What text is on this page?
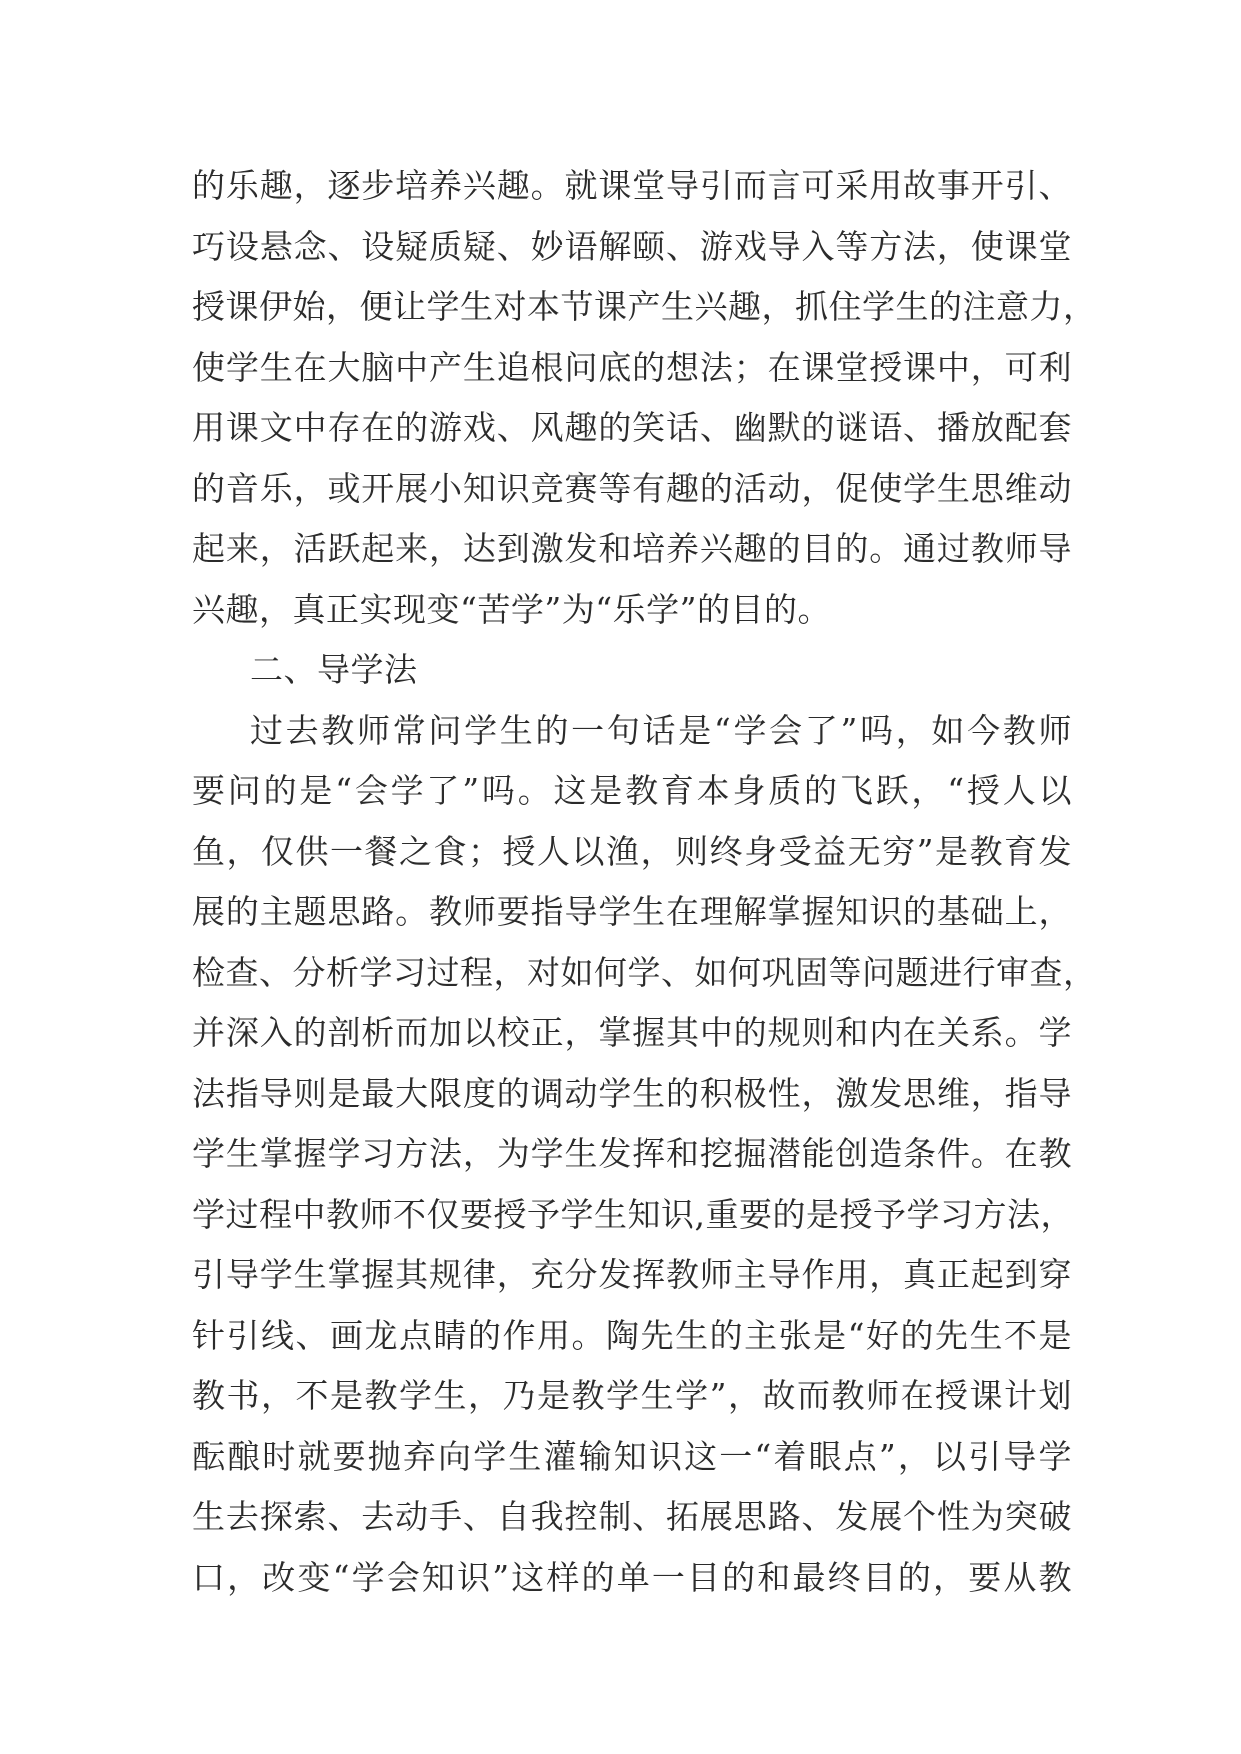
的乐趣，逐步培养兴趣。就课堂导引而言可采用故事开引、
巧设悬念、设疑质疑、妙语解颐、游戏导入等方法，使课堂
授课伊始，便让学生对本节课产生兴趣，抓住学生的注意力，
使学生在大脑中产生追根问底的想法；在课堂授课中，可利
用课文中存在的游戏、风趣的笑话、幽默的谜语、播放配套
的音乐，或开展小知识竞赛等有趣的活动，促使学生思维动
起来，活跃起来，达到激发和培养兴趣的目的。通过教师导
兴趣，真正实现变“苦学”为“乐学”的目的。
二、导学法
过去教师常问学生的一句话是“学会了”吗，如今教师
要问的是“会学了”吗。这是教育本身质的飞跃，“授人以
鱼，仅供一餐之食；授人以渔，则终身受益无穷”是教育发
展的主题思路。教师要指导学生在理解掌握知识的基础上，
检查、分析学习过程，对如何学、如何巩固等问题进行审查，
并深入的剖析而加以校正，掌握其中的规则和内在关系。学
法指导则是最大限度的调动学生的积极性，激发思维，指导
学生掌握学习方法，为学生发挥和挖掘潜能创造条件。在教
学过程中教师不仅要授予学生知识,重要的是授予学习方法，
引导学生掌握其规律，充分发挥教师主导作用，真正起到穿
针引线、画龙点睛的作用。陶先生的主张是“好的先生不是
教书，不是教学生，乃是教学生学”，故而教师在授课计划
酝酿时就要抛弃向学生灌输知识这一“着眼点”，以引导学
生去探索、去动手、自我控制、拓展思路、发展个性为突破
口，改变“学会知识”这样的单一目的和最终目的，要从教
